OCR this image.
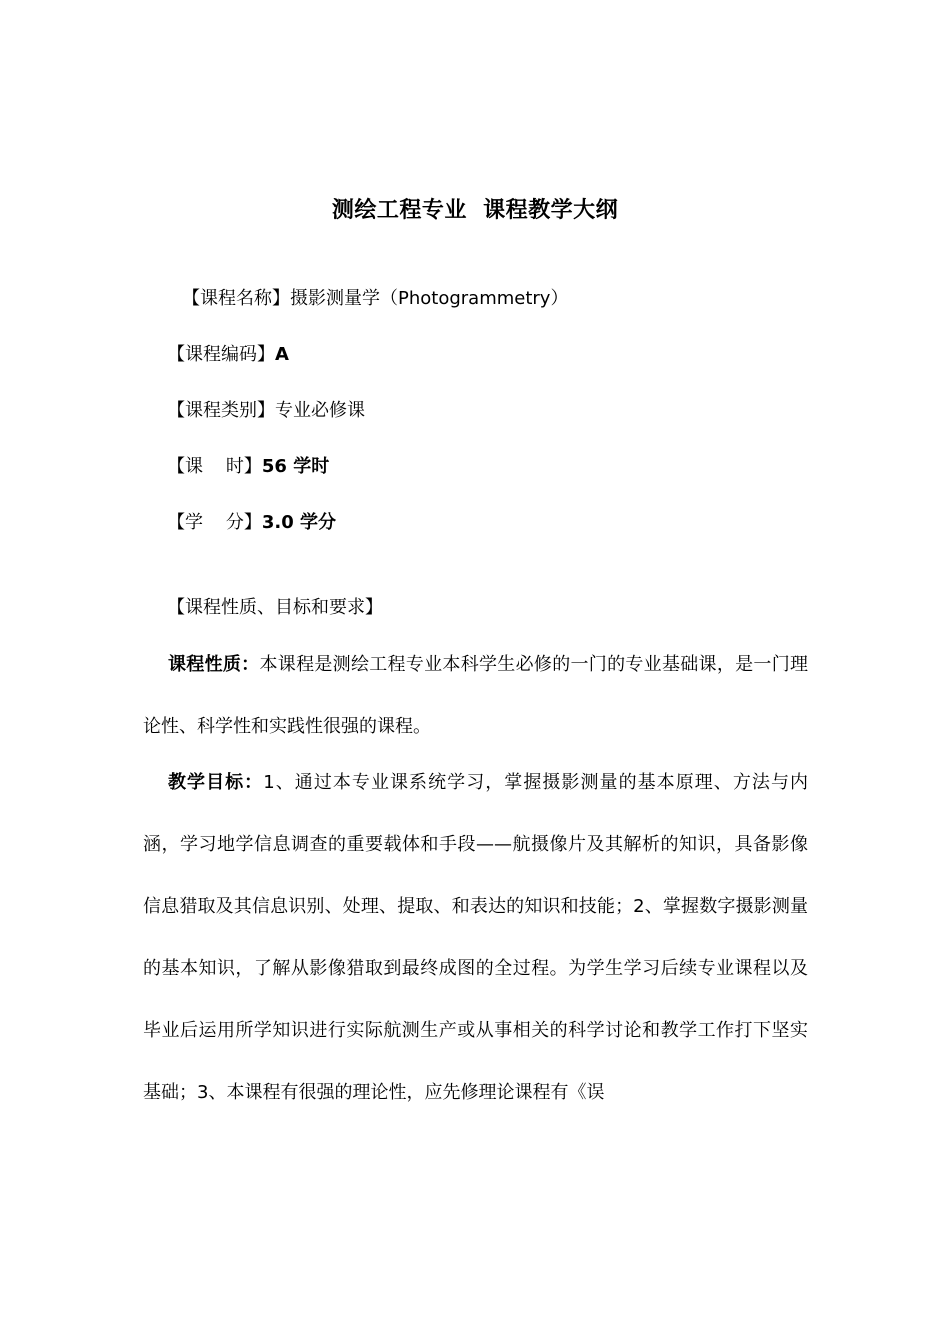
测绘工程专业  课程教学大纲
【课程名称】摄影测量学（Photogrammetry）
【课程编码】A
【课程类别】专业必修课
【课    时】56 学时
【学    分】3.0 学分
【课程性质、目标和要求】
课程性质：本课程是测绘工程专业本科学生必修的一门的专业基础课，是一门理论性、科学性和实践性很强的课程。
教学目标：1、通过本专业课系统学习，掌握摄影测量的基本原理、方法与内涵，学习地学信息调查的重要载体和手段——航摄像片及其解析的知识，具备影像信息猎取及其信息识别、处理、提取、和表达的知识和技能；2、掌握数字摄影测量的基本知识，了解从影像猎取到最终成图的全过程。为学生学习后续专业课程以及毕业后运用所学知识进行实际航测生产或从事相关的科学讨论和教学工作打下坚实基础；3、本课程有很强的理论性，应先修理论课程有《误
